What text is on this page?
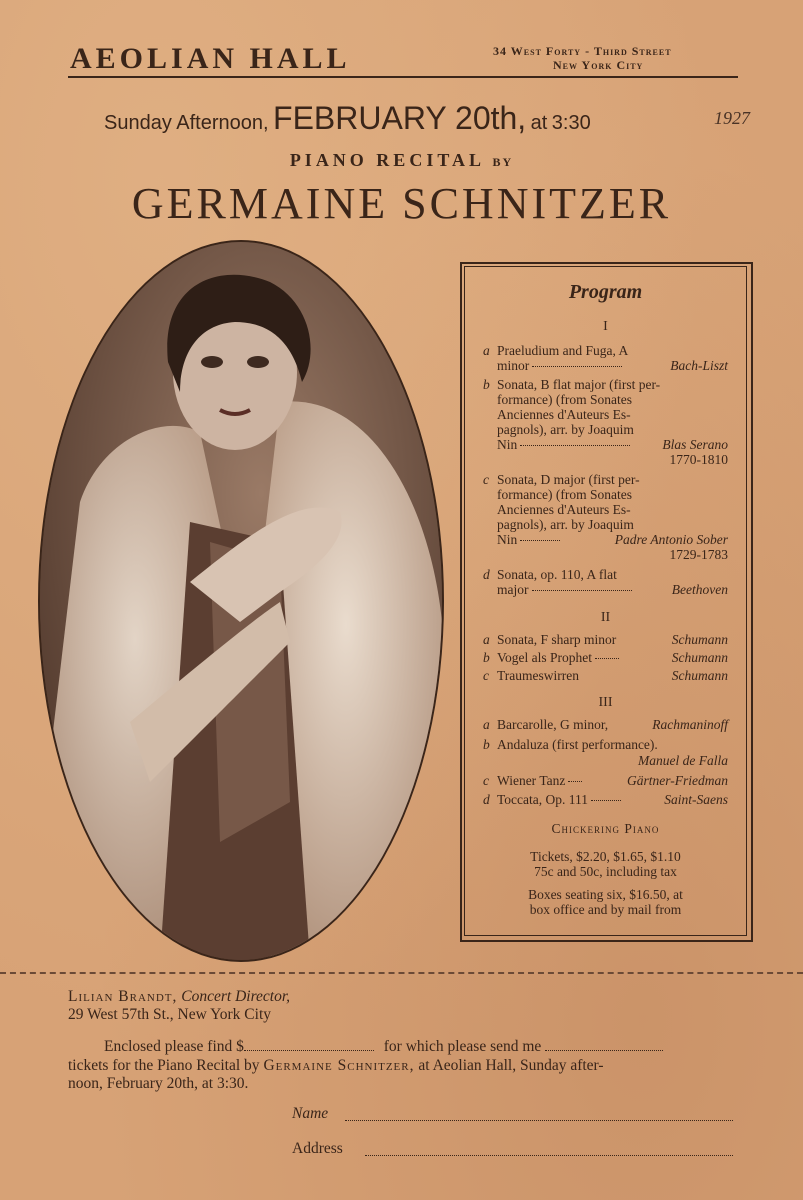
AEOLIAN HALL	34 West Forty - Third Street
New York City
Sunday Afternoon, FEBRUARY 20th, at 3:30	1927
PIANO RECITAL BY
GERMAINE SCHNITZER
Program
I
a Praeludium and Fuga, A
minor	Bach-Liszt
b Sonata, B flat major (first per-
formance) (from Sonates
Anciennes d'Auteurs Es-
pagnols), arr. by Joaquim
Nin	Blas Serano
1770-1810
c Sonata, D major (first per-
formance) (from Sonates
Anciennes d'Auteurs Es-
pagnols), arr. by Joaquim
Nin	Padre Antonio Sober
1729-1783
d Sonata, op. 110, A flat
major	Beethoven
II
a Sonata, F sharp minor	Schumann
b Vogel als Prophet	Schumann
c Traumeswirren	Schumann
III
a Barcarolle, G minor,	Rachmaninoff
b Andaluza (first performance).
Manuel de Falla
c Wiener Tanz	Gärtner-Friedman
d Toccata, Op. 111	Saint-Saens
Chickering Piano
Tickets, $2.20, $1.65, $1.10
75c and 50c, including tax
Boxes seating six, $16.50, at
box office and by mail from
Lilian Brandt, Concert Director,
29 West 57th St., New York City
Enclosed please find $	for which please send me
tickets for the Piano Recital by Germaine Schnitzer, at Aeolian Hall, Sunday after-
noon, February 20th, at 3:30.
Name
Address
